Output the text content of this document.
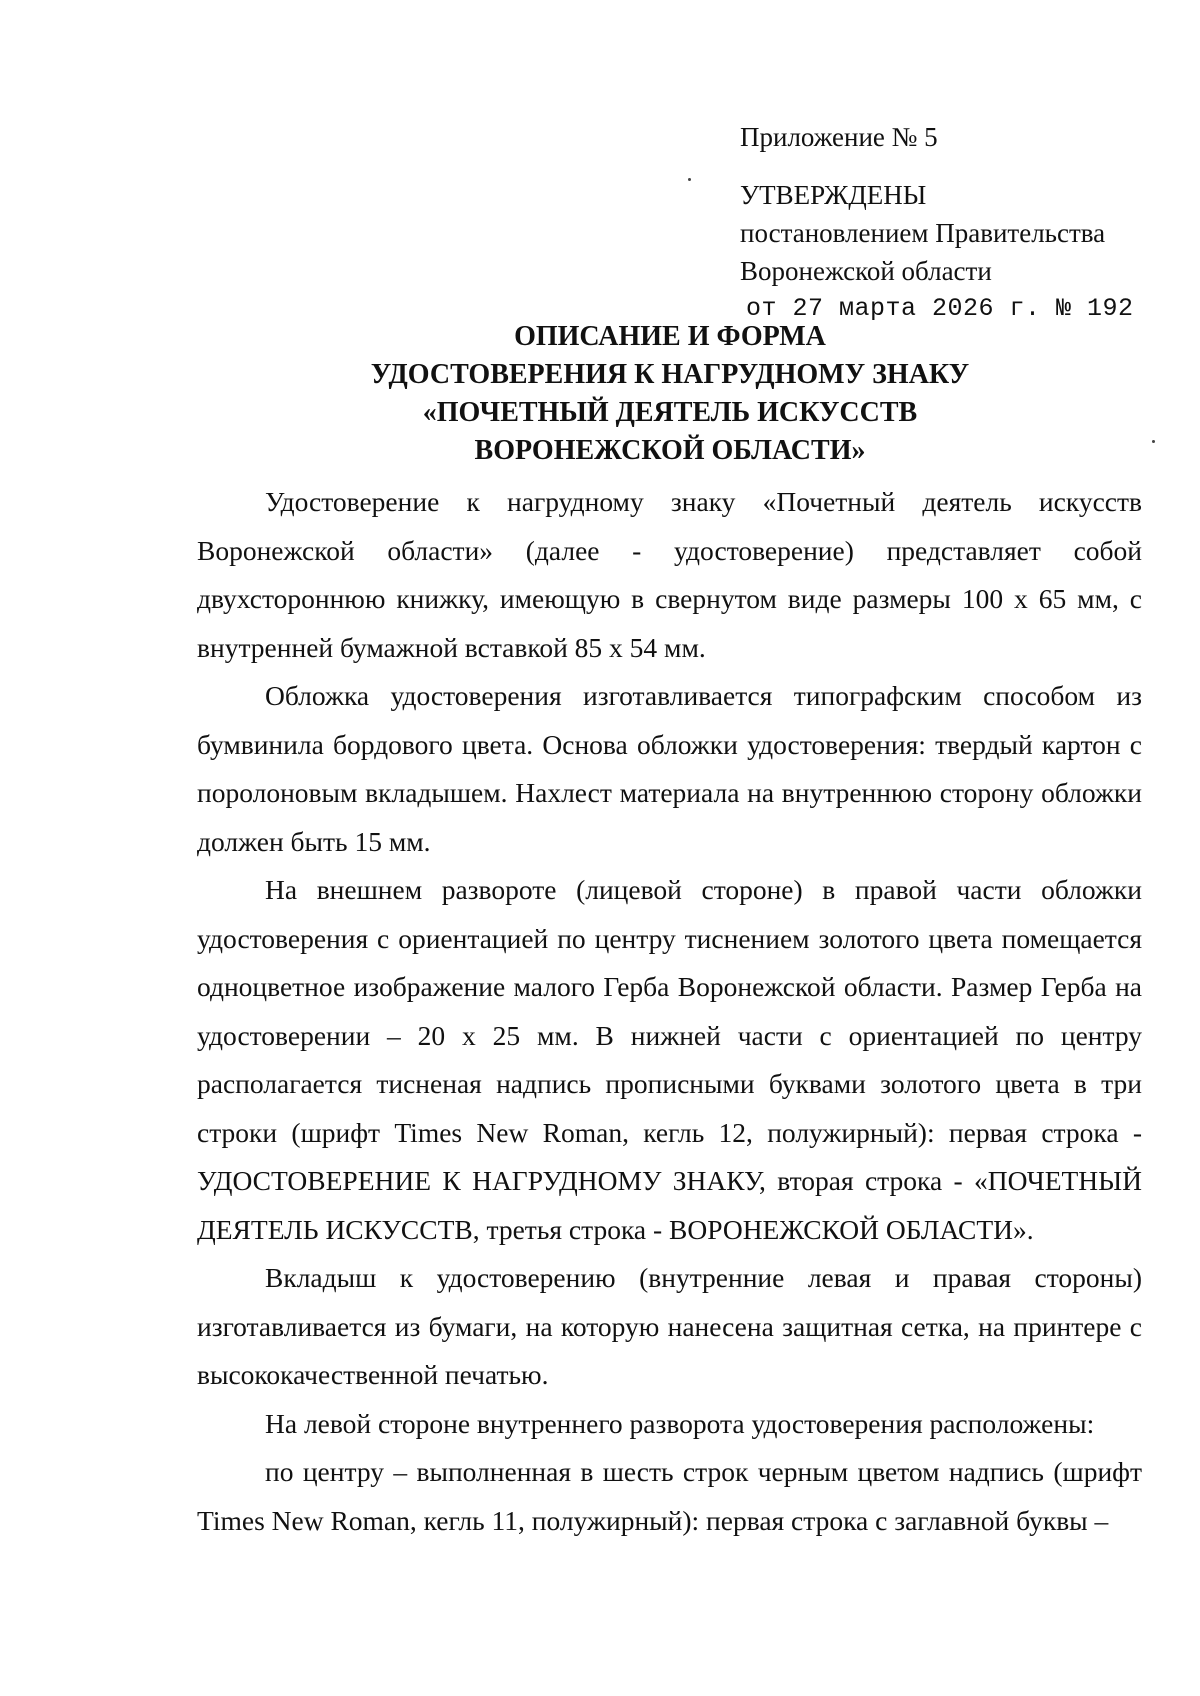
Приложение № 5
УТВЕРЖДЕНЫ
постановлением Правительства
Воронежской области
от 27 марта 2026 г. № 192
ОПИСАНИЕ И ФОРМА
УДОСТОВЕРЕНИЯ К НАГРУДНОМУ ЗНАКУ
«ПОЧЕТНЫЙ ДЕЯТЕЛЬ ИСКУССТВ
ВОРОНЕЖСКОЙ ОБЛАСТИ»

Удостоверение к нагрудному знаку «Почетный деятель искусств Воронежской области» (далее - удостоверение) представляет собой двухстороннюю книжку, имеющую в свернутом виде размеры 100 х 65 мм, с внутренней бумажной вставкой 85 х 54 мм.

Обложка удостоверения изготавливается типографским способом из бумвинила бордового цвета. Основа обложки удостоверения: твердый картон с поролоновым вкладышем. Нахлест материала на внутреннюю сторону обложки должен быть 15 мм.

На внешнем развороте (лицевой стороне) в правой части обложки удостоверения с ориентацией по центру тиснением золотого цвета помещается одноцветное изображение малого Герба Воронежской области. Размер Герба на удостоверении – 20 х 25 мм. В нижней части с ориентацией по центру располагается тисненая надпись прописными буквами золотого цвета в три строки (шрифт Times New Roman, кегль 12, полужирный): первая строка - УДОСТОВЕРЕНИЕ К НАГРУДНОМУ ЗНАКУ, вторая строка - «ПОЧЕТНЫЙ ДЕЯТЕЛЬ ИСКУССТВ, третья строка - ВОРОНЕЖСКОЙ ОБЛАСТИ».

Вкладыш к удостоверению (внутренние левая и правая стороны) изготавливается из бумаги, на которую нанесена защитная сетка, на принтере с высококачественной печатью.

На левой стороне внутреннего разворота удостоверения расположены:

по центру – выполненная в шесть строк черным цветом надпись (шрифт Times New Roman, кегль 11, полужирный): первая строка с заглавной буквы –
